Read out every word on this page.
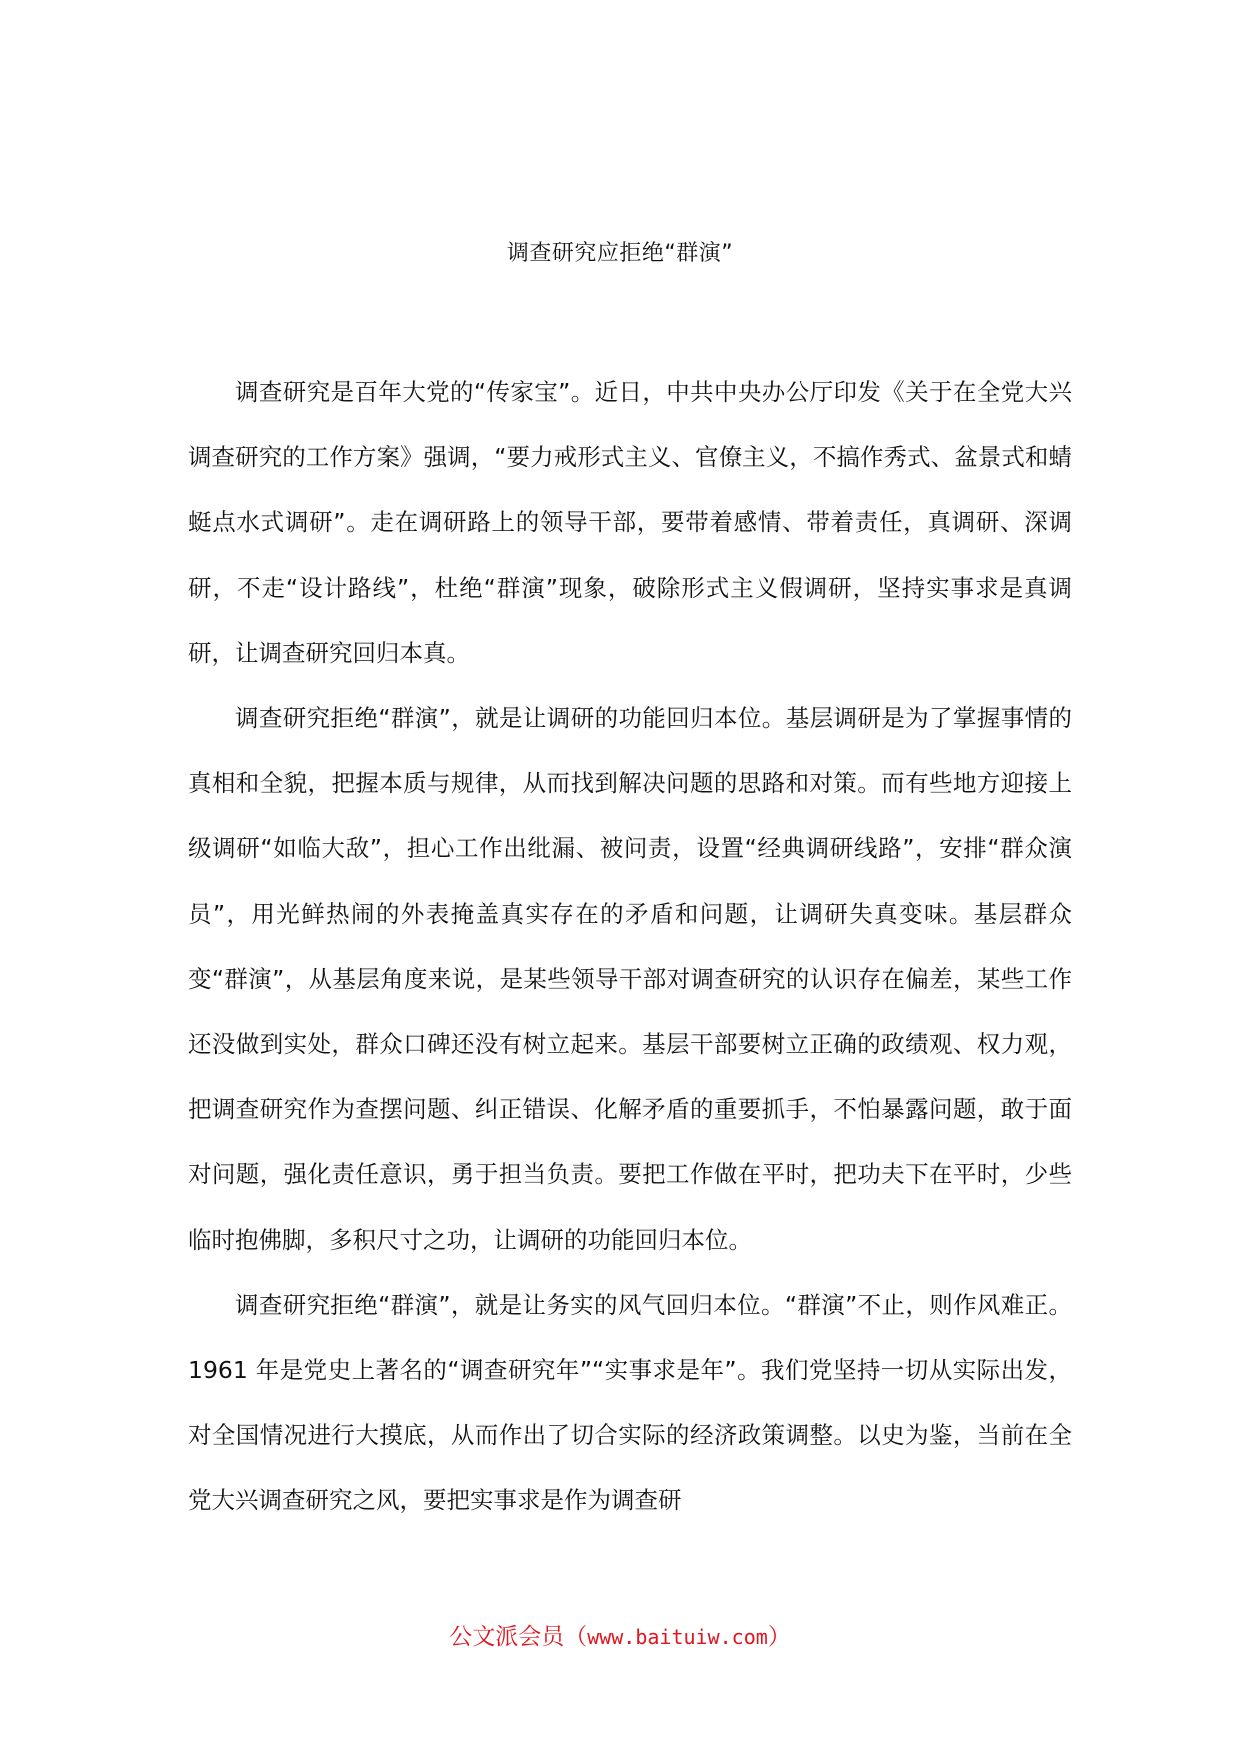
调查研究应拒绝“群演”

调查研究是百年大党的“传家宝”。近日，中共中央办公厅印发《关于在全党大兴调查研究的工作方案》强调，“要力戒形式主义、官僚主义，不搞作秀式、盆景式和蜻蜓点水式调研”。走在调研路上的领导干部，要带着感情、带着责任，真调研、深调研，不走“设计路线”，杜绝“群演”现象，破除形式主义假调研，坚持实事求是真调研，让调查研究回归本真。

调查研究拒绝“群演”，就是让调研的功能回归本位。基层调研是为了掌握事情的真相和全貌，把握本质与规律，从而找到解决问题的思路和对策。而有些地方迎接上级调研“如临大敌”，担心工作出纰漏、被问责，设置“经典调研线路”，安排“群众演员”，用光鲜热闹的外表掩盖真实存在的矛盾和问题，让调研失真变味。基层群众变“群演”，从基层角度来说，是某些领导干部对调查研究的认识存在偏差，某些工作还没做到实处，群众口碑还没有树立起来。基层干部要树立正确的政绩观、权力观，把调查研究作为查摆问题、纠正错误、化解矛盾的重要抓手，不怕暴露问题，敢于面对问题，强化责任意识，勇于担当负责。要把工作做在平时，把功夫下在平时，少些临时抱佛脚，多积尺寸之功，让调研的功能回归本位。

调查研究拒绝“群演”，就是让务实的风气回归本位。“群演”不止，则作风难正。1961 年是党史上著名的“调查研究年”“实事求是年”。我们党坚持一切从实际出发，对全国情况进行大摸底，从而作出了切合实际的经济政策调整。以史为鉴，当前在全党大兴调查研究之风，要把实事求是作为调查研

公文派会员（www.baituiw.com）
